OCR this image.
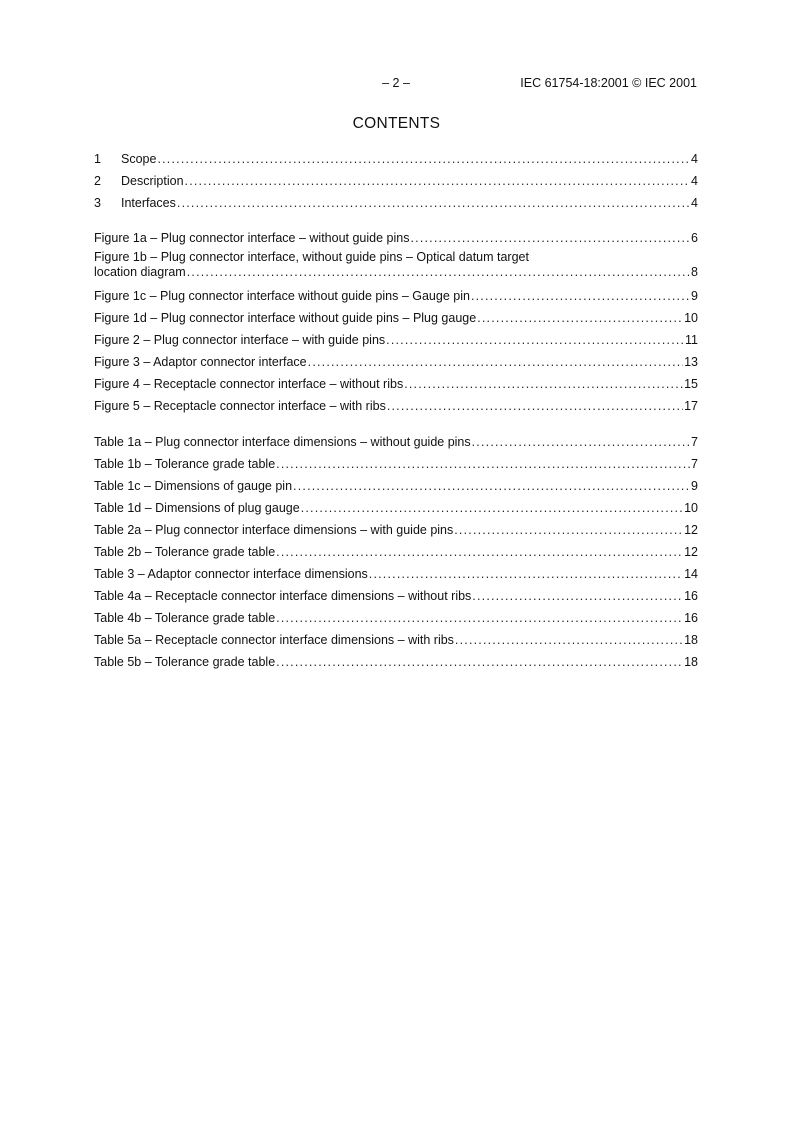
– 2 –	IEC 61754-18:2001 © IEC 2001
CONTENTS
1	Scope .....	4
2	Description .....	4
3	Interfaces .....	4
Figure 1a – Plug connector interface – without guide pins .....	6
Figure 1b – Plug connector interface, without guide pins – Optical datum target
location diagram .....	8
Figure 1c – Plug connector interface without guide pins – Gauge pin .....	9
Figure 1d – Plug connector interface without guide pins – Plug gauge .....	10
Figure 2 – Plug connector interface – with guide pins .....	11
Figure 3 – Adaptor connector interface .....	13
Figure 4 – Receptacle connector interface – without ribs .....	15
Figure 5 – Receptacle connector interface – with ribs .....	17
Table 1a – Plug connector interface dimensions – without guide pins .....	7
Table 1b – Tolerance grade table .....	7
Table 1c – Dimensions of gauge pin .....	9
Table 1d – Dimensions of plug gauge .....	10
Table 2a – Plug connector interface dimensions – with guide pins .....	12
Table 2b – Tolerance grade table .....	12
Table 3 – Adaptor connector interface dimensions .....	14
Table 4a – Receptacle connector interface dimensions – without ribs .....	16
Table 4b – Tolerance grade table .....	16
Table 5a – Receptacle connector interface dimensions – with ribs .....	18
Table 5b – Tolerance grade table .....	18
